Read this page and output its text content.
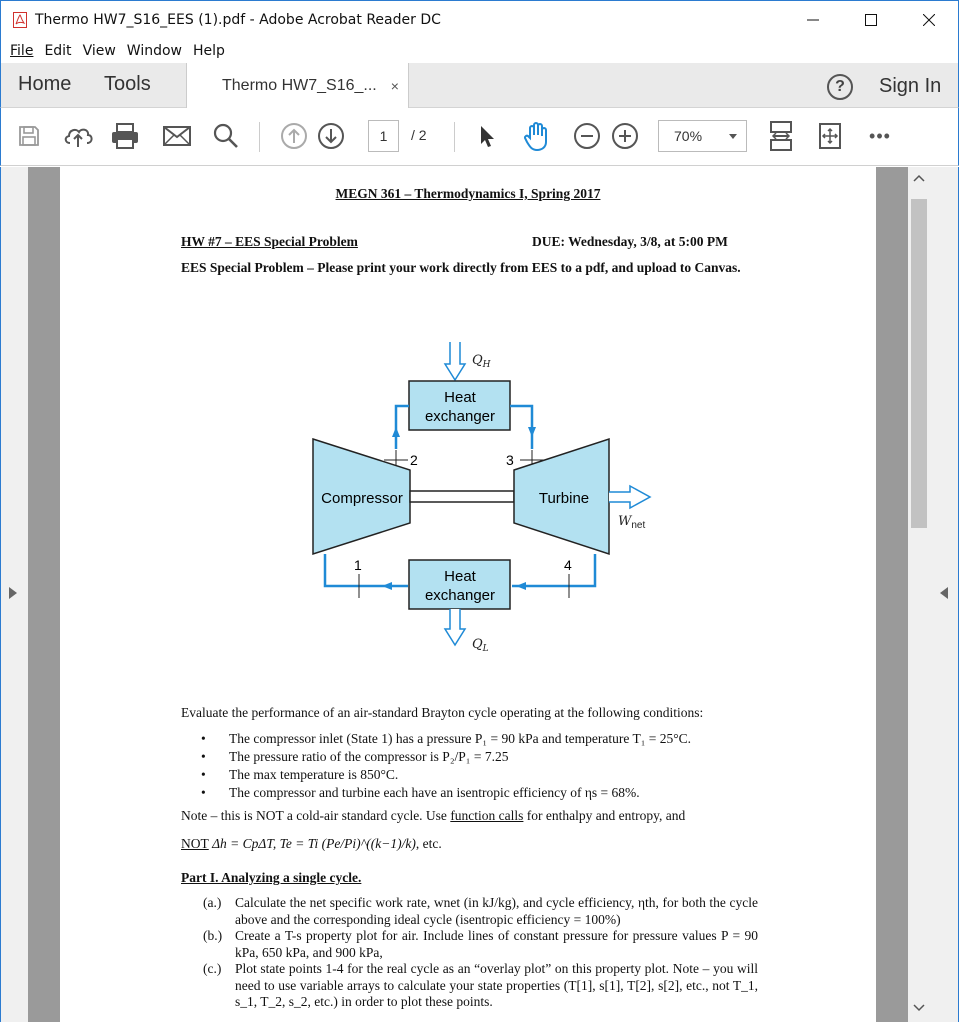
Thermo HW7_S16_EES (1).pdf - Adobe Acrobat Reader DC
File Edit View Window Help
Home Tools	Thermo HW7_S16_... ×	?	Sign In
•••
1	/ 2	70%
MEGN 361 – Thermodynamics I, Spring 2017
HW #7 – EES Special Problem	DUE: Wednesday, 3/8, at 5:00 PM
EES Special Problem – Please print your work directly from EES to a pdf, and upload to Canvas.
$Q_H$
Heat
exchanger
2	3
Compressor	Turbine
$W_{net}$
1	4
Heat
exchanger
$Q_L$
Evaluate the performance of an air-standard Brayton cycle operating at the following conditions:
• The compressor inlet (State 1) has a pressure P₁ = 90 kPa and temperature T₁ = 25°C.
• The pressure ratio of the compressor is P₂/P₁ = 7.25
• The max temperature is 850°C.
• The compressor and turbine each have an isentropic efficiency of ηs = 68%.
Note – this is NOT a cold-air standard cycle. Use function calls for enthalpy and entropy, and
NOT Δh = CpΔT, Te = Ti (Pe/Pi)^((k−1)/k), etc.
Part I. Analyzing a single cycle.
(a.) Calculate the net specific work rate, wnet (in kJ/kg), and cycle efficiency, ηth, for both the cycle above and the corresponding ideal cycle (isentropic efficiency = 100%)
(b.) Create a T-s property plot for air. Include lines of constant pressure for pressure values P = 90 kPa, 650 kPa, and 900 kPa,
(c.) Plot state points 1-4 for the real cycle as an “overlay plot” on this property plot. Note – you will need to use variable arrays to calculate your state properties (T[1], s[1], T[2], s[2], etc., not T_1, s_1, T_2, s_2, etc.) in order to plot these points.
